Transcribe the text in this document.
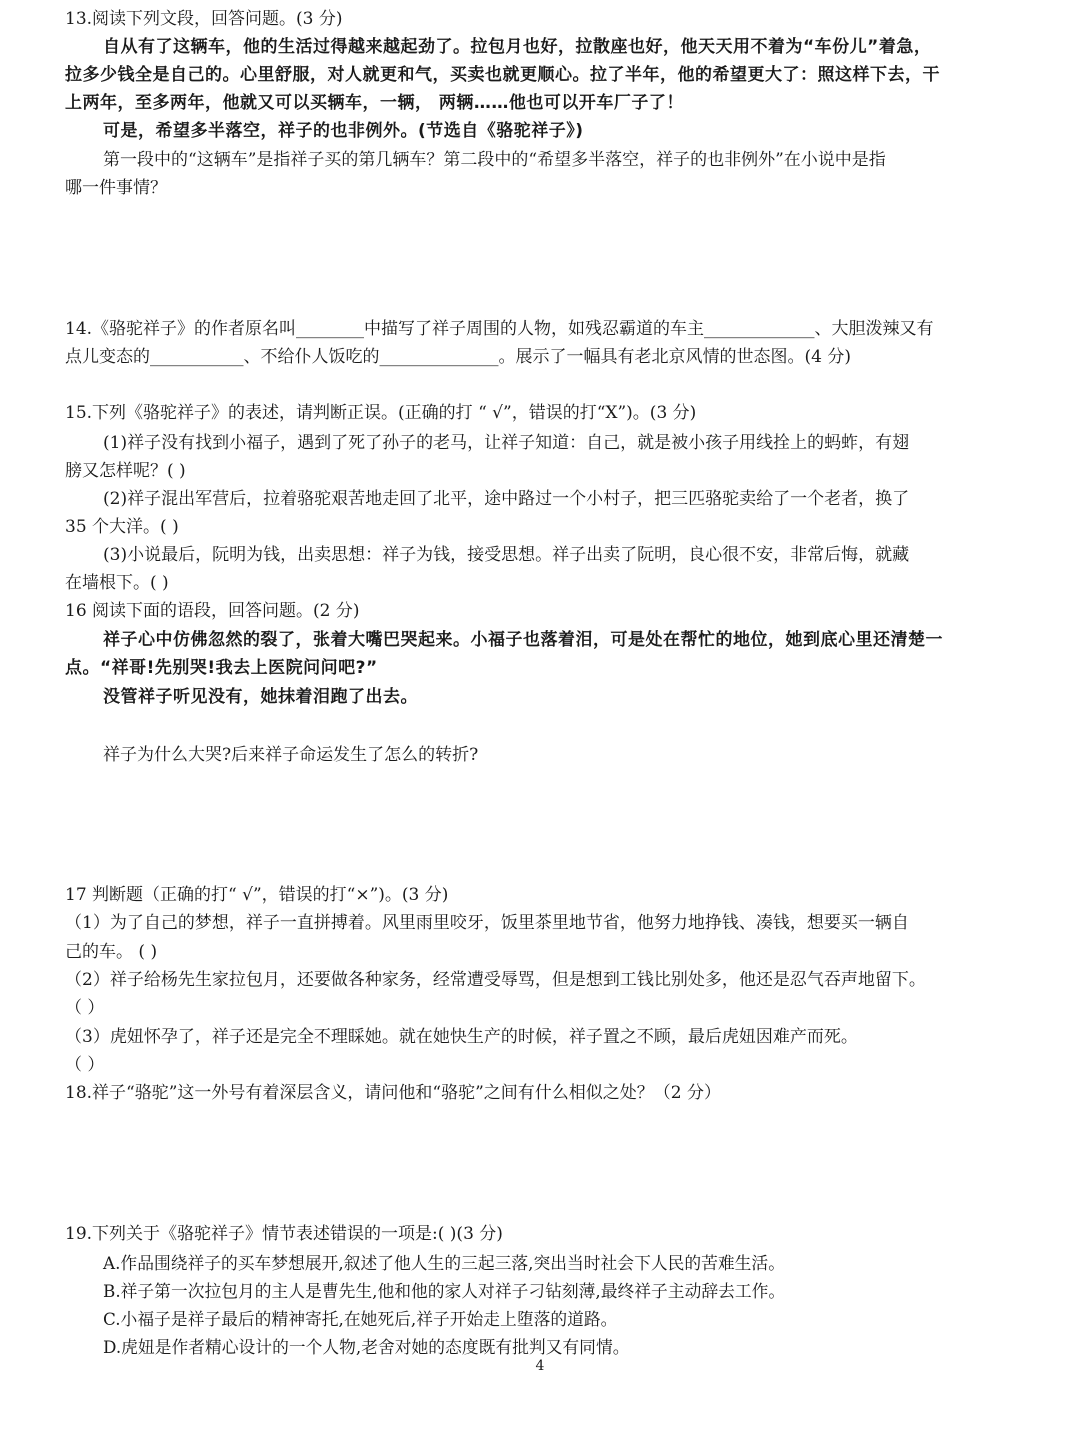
13.阅读下列文段，回答问题。(3 分)
自从有了这辆车，他的生活过得越来越起劲了。拉包月也好，拉散座也好，他天天用不着为“车份儿”着急，
拉多少钱全是自己的。心里舒服，对人就更和气，买卖也就更顺心。拉了半年，他的希望更大了：照这样下去，干
上两年，至多两年，他就又可以买辆车，一辆， 两辆……他也可以开车厂子了！
可是，希望多半落空，祥子的也非例外。(节选自《骆驼祥子》)
第一段中的“这辆车”是指祥子买的第几辆车？第二段中的“希望多半落空，祥子的也非例外”在小说中是指
哪一件事情？
14.《骆驼祥子》的作者原名叫________中描写了祥子周围的人物，如残忍霸道的车主_____________、大胆泼辣又有
点儿变态的___________、不给仆人饭吃的______________。展示了一幅具有老北京风情的世态图。(4 分)
15.下列《骆驼祥子》的表述，请判断正误。(正确的打 “ √”，错误的打“X”)。(3 分)
(1)祥子没有找到小福子，遇到了死了孙子的老马，让祥子知道：自己，就是被小孩子用线拴上的蚂蚱，有翅
膀又怎样呢？( )
(2)祥子混出军营后，拉着骆驼艰苦地走回了北平，途中路过一个小村子，把三匹骆驼卖给了一个老者，换了
35 个大洋。( )
(3)小说最后，阮明为钱，出卖思想：祥子为钱，接受思想。祥子出卖了阮明，良心很不安，非常后悔，就藏
在墙根下。( )
16 阅读下面的语段，回答问题。(2 分)
祥子心中仿佛忽然的裂了，张着大嘴巴哭起来。小福子也落着泪，可是处在帮忙的地位，她到底心里还清楚一
点。“祥哥!先别哭!我去上医院问问吧?”
没管祥子听见没有，她抹着泪跑了出去。
祥子为什么大哭?后来祥子命运发生了怎么的转折?
17 判断题（正确的打“ √”，错误的打“×”)。(3 分)
（1）为了自己的梦想，祥子一直拼搏着。风里雨里咬牙，饭里茶里地节省，他努力地挣钱、凑钱，想要买一辆自
己的车。 ( )
（2）祥子给杨先生家拉包月，还要做各种家务，经常遭受辱骂，但是想到工钱比别处多，他还是忍气吞声地留下。
（ ）
（3）虎妞怀孕了，祥子还是完全不理睬她。就在她快生产的时候，祥子置之不顾，最后虎妞因难产而死。
（ ）
18.祥子“骆驼”这一外号有着深层含义，请问他和“骆驼”之间有什么相似之处？（2 分）
19.下列关于《骆驼祥子》情节表述错误的一项是:( )(3 分)
A.作品围绕祥子的买车梦想展开,叙述了他人生的三起三落,突出当时社会下人民的苦难生活。
B.祥子第一次拉包月的主人是曹先生,他和他的家人对祥子刁钻刻薄,最终祥子主动辞去工作。
C.小福子是祥子最后的精神寄托,在她死后,祥子开始走上堕落的道路。
D.虎妞是作者精心设计的一个人物,老舍对她的态度既有批判又有同情。
4
